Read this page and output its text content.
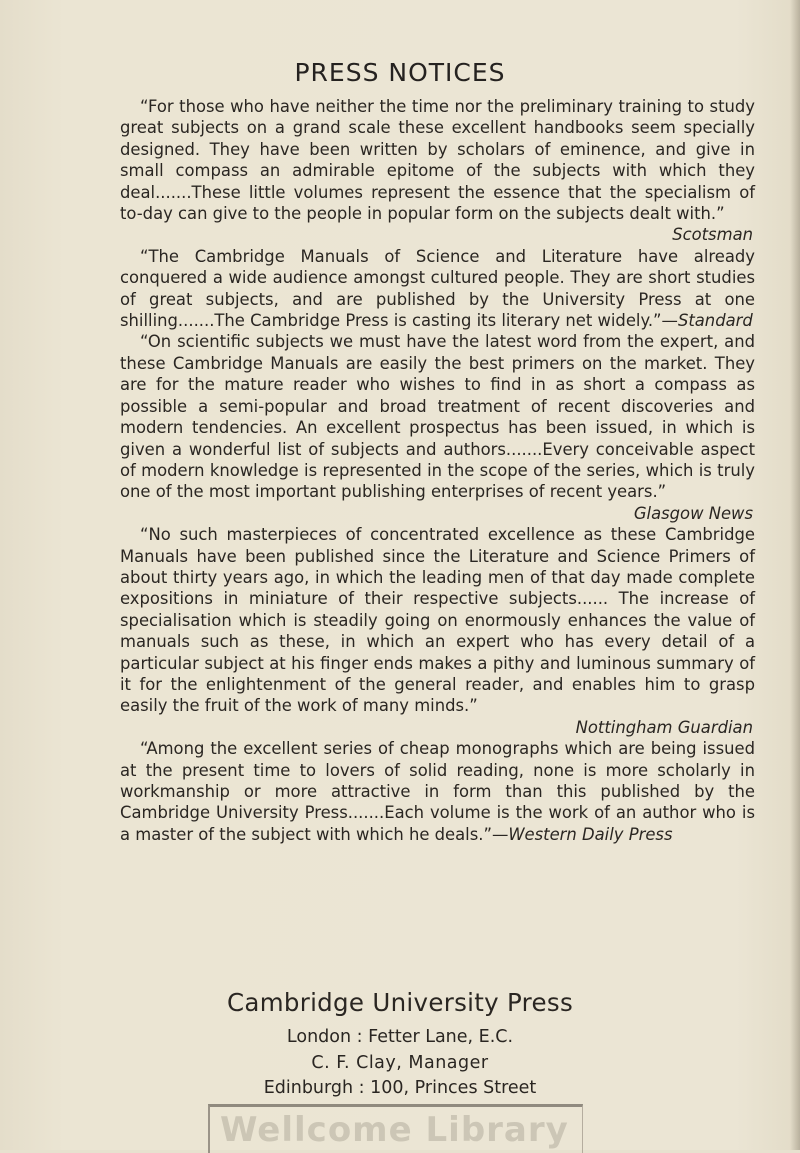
PRESS NOTICES

“For those who have neither the time nor the preliminary training to study great subjects on a grand scale these excellent handbooks seem specially designed. They have been written by scholars of eminence, and give in small compass an admirable epitome of the subjects with which they deal.......These little volumes represent the essence that the specialism of to-day can give to the people in popular form on the subjects dealt with.”

Scotsman

“The Cambridge Manuals of Science and Literature have already conquered a wide audience amongst cultured people. They are short studies of great subjects, and are published by the University Press at one shilling.......The Cambridge Press is casting its literary net widely.”—Standard

“On scientific subjects we must have the latest word from the expert, and these Cambridge Manuals are easily the best primers on the market. They are for the mature reader who wishes to find in as short a compass as possible a semi-popular and broad treatment of recent discoveries and modern tendencies. An excellent prospectus has been issued, in which is given a wonderful list of subjects and authors.......Every conceivable aspect of modern knowledge is represented in the scope of the series, which is truly one of the most important publishing enterprises of recent years.”

Glasgow News

“No such masterpieces of concentrated excellence as these Cambridge Manuals have been published since the Literature and Science Primers of about thirty years ago, in which the leading men of that day made complete expositions in miniature of their respective subjects...... The increase of specialisation which is steadily going on enormously enhances the value of manuals such as these, in which an expert who has every detail of a particular subject at his finger ends makes a pithy and luminous summary of it for the enlightenment of the general reader, and enables him to grasp easily the fruit of the work of many minds.”

Nottingham Guardian

“Among the excellent series of cheap monographs which are being issued at the present time to lovers of solid reading, none is more scholarly in workmanship or more attractive in form than this published by the Cambridge University Press.......Each volume is the work of an author who is a master of the subject with which he deals.”—Western Daily Press

Cambridge University Press
London : Fetter Lane, E.C.
C. F. Clay, Manager
Edinburgh : 100, Princes Street
Wellcome Library
